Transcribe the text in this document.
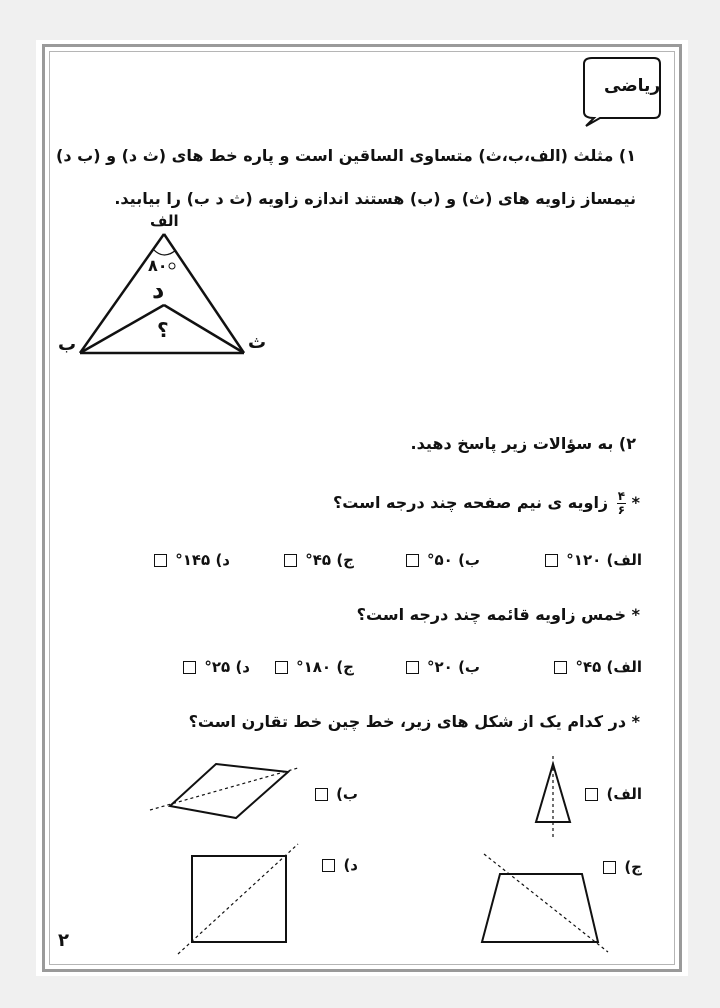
ریاضی
۱) مثلث (الف،ب،ث) متساوی الساقین است و پاره خط های (ث د) و (ب د)
نیمساز زاویه های (ث) و (ب) هستند اندازه زاویه (ث د ب) را بیابید.
الف
ب	ث
د
۸۰
؟
۲) به سؤالات زیر پاسخ دهید.
*
$\frac{۴}{۶}$
زاویه ی نیم صفحه چند درجه است؟
الف) ۱۲۰°
ب) ۵۰°
ج) ۴۵°
د) ۱۴۵°
* خمس زاویه قائمه چند درجه است؟
الف) ۴۵°
ب) ۲۰°
ج) ۱۸۰°
د) ۲۵°
* در کدام یک از شکل های زیر، خط چین خط تقارن است؟
الف)
ب)
ج)
د)
۲
